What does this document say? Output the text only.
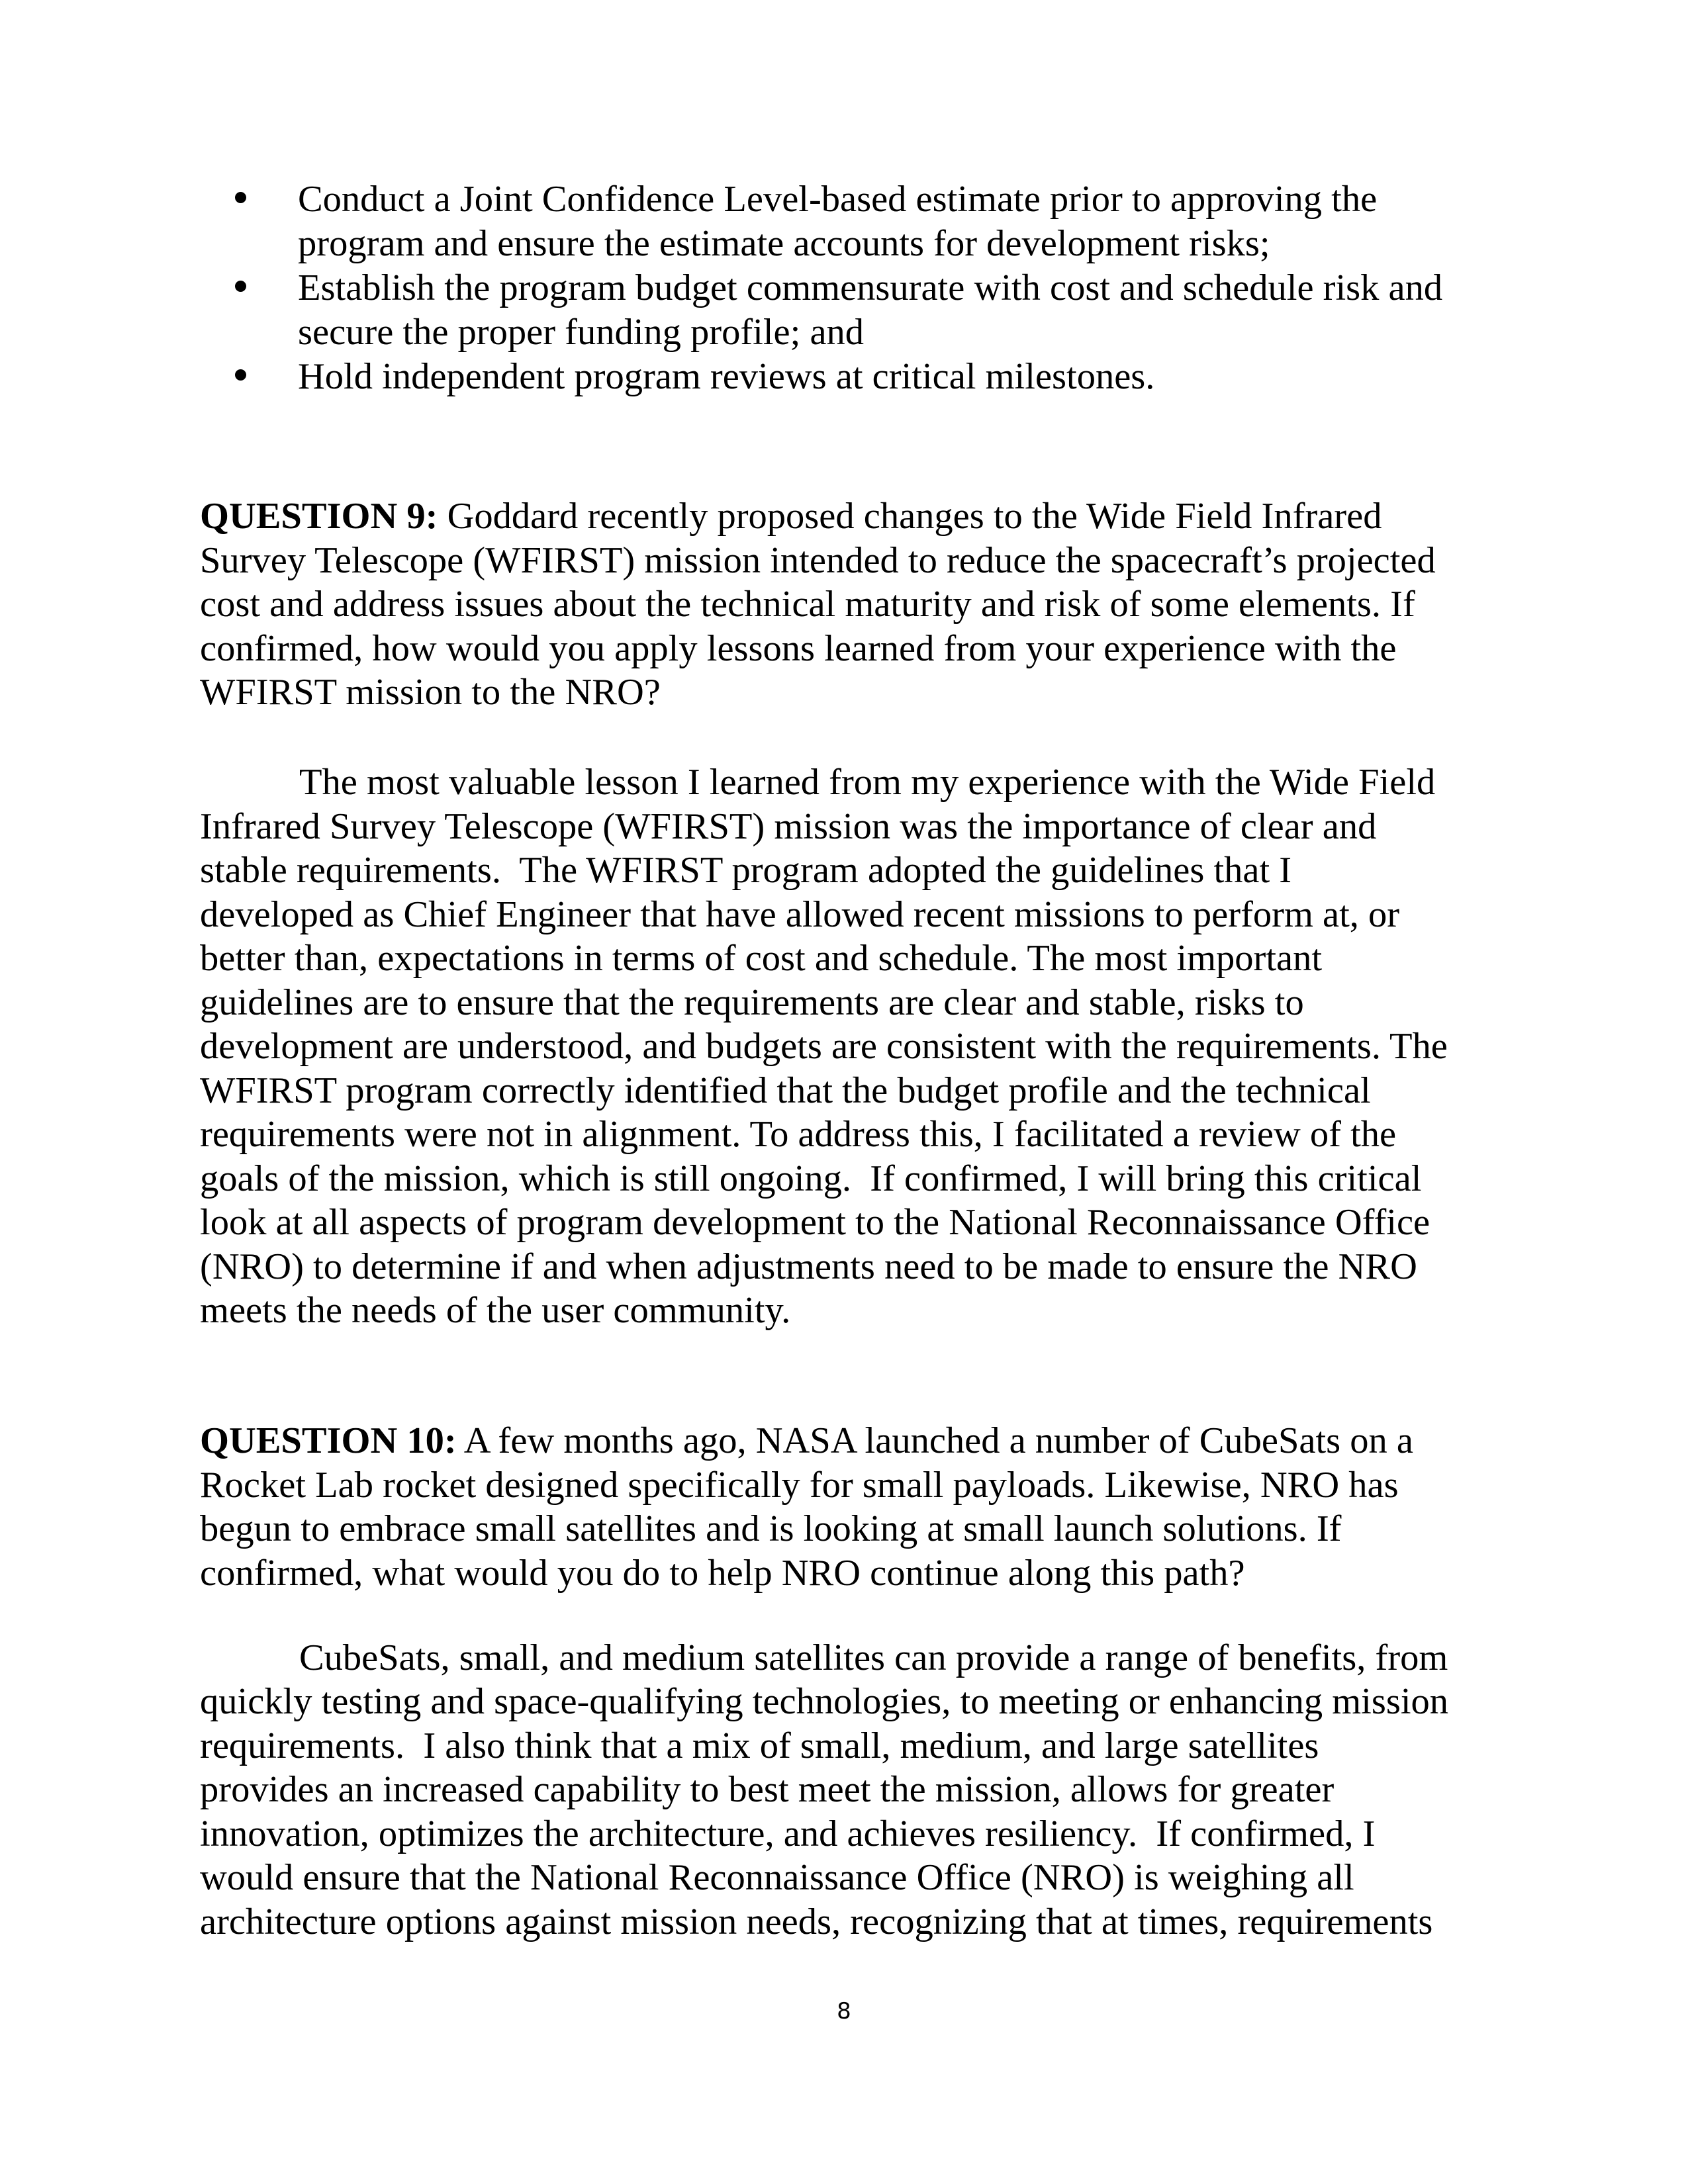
Conduct a Joint Confidence Level-based estimate prior to approving the
program and ensure the estimate accounts for development risks;
Establish the program budget commensurate with cost and schedule risk and
secure the proper funding profile; and
Hold independent program reviews at critical milestones.
QUESTION 9: Goddard recently proposed changes to the Wide Field Infrared
Survey Telescope (WFIRST) mission intended to reduce the spacecraft’s projected
cost and address issues about the technical maturity and risk of some elements. If
confirmed, how would you apply lessons learned from your experience with the
WFIRST mission to the NRO?
The most valuable lesson I learned from my experience with the Wide Field
Infrared Survey Telescope (WFIRST) mission was the importance of clear and
stable requirements.  The WFIRST program adopted the guidelines that I
developed as Chief Engineer that have allowed recent missions to perform at, or
better than, expectations in terms of cost and schedule. The most important
guidelines are to ensure that the requirements are clear and stable, risks to
development are understood, and budgets are consistent with the requirements. The
WFIRST program correctly identified that the budget profile and the technical
requirements were not in alignment. To address this, I facilitated a review of the
goals of the mission, which is still ongoing.  If confirmed, I will bring this critical
look at all aspects of program development to the National Reconnaissance Office
(NRO) to determine if and when adjustments need to be made to ensure the NRO
meets the needs of the user community.
QUESTION 10: A few months ago, NASA launched a number of CubeSats on a
Rocket Lab rocket designed specifically for small payloads. Likewise, NRO has
begun to embrace small satellites and is looking at small launch solutions. If
confirmed, what would you do to help NRO continue along this path?
CubeSats, small, and medium satellites can provide a range of benefits, from
quickly testing and space-qualifying technologies, to meeting or enhancing mission
requirements.  I also think that a mix of small, medium, and large satellites
provides an increased capability to best meet the mission, allows for greater
innovation, optimizes the architecture, and achieves resiliency.  If confirmed, I
would ensure that the National Reconnaissance Office (NRO) is weighing all
architecture options against mission needs, recognizing that at times, requirements
8
